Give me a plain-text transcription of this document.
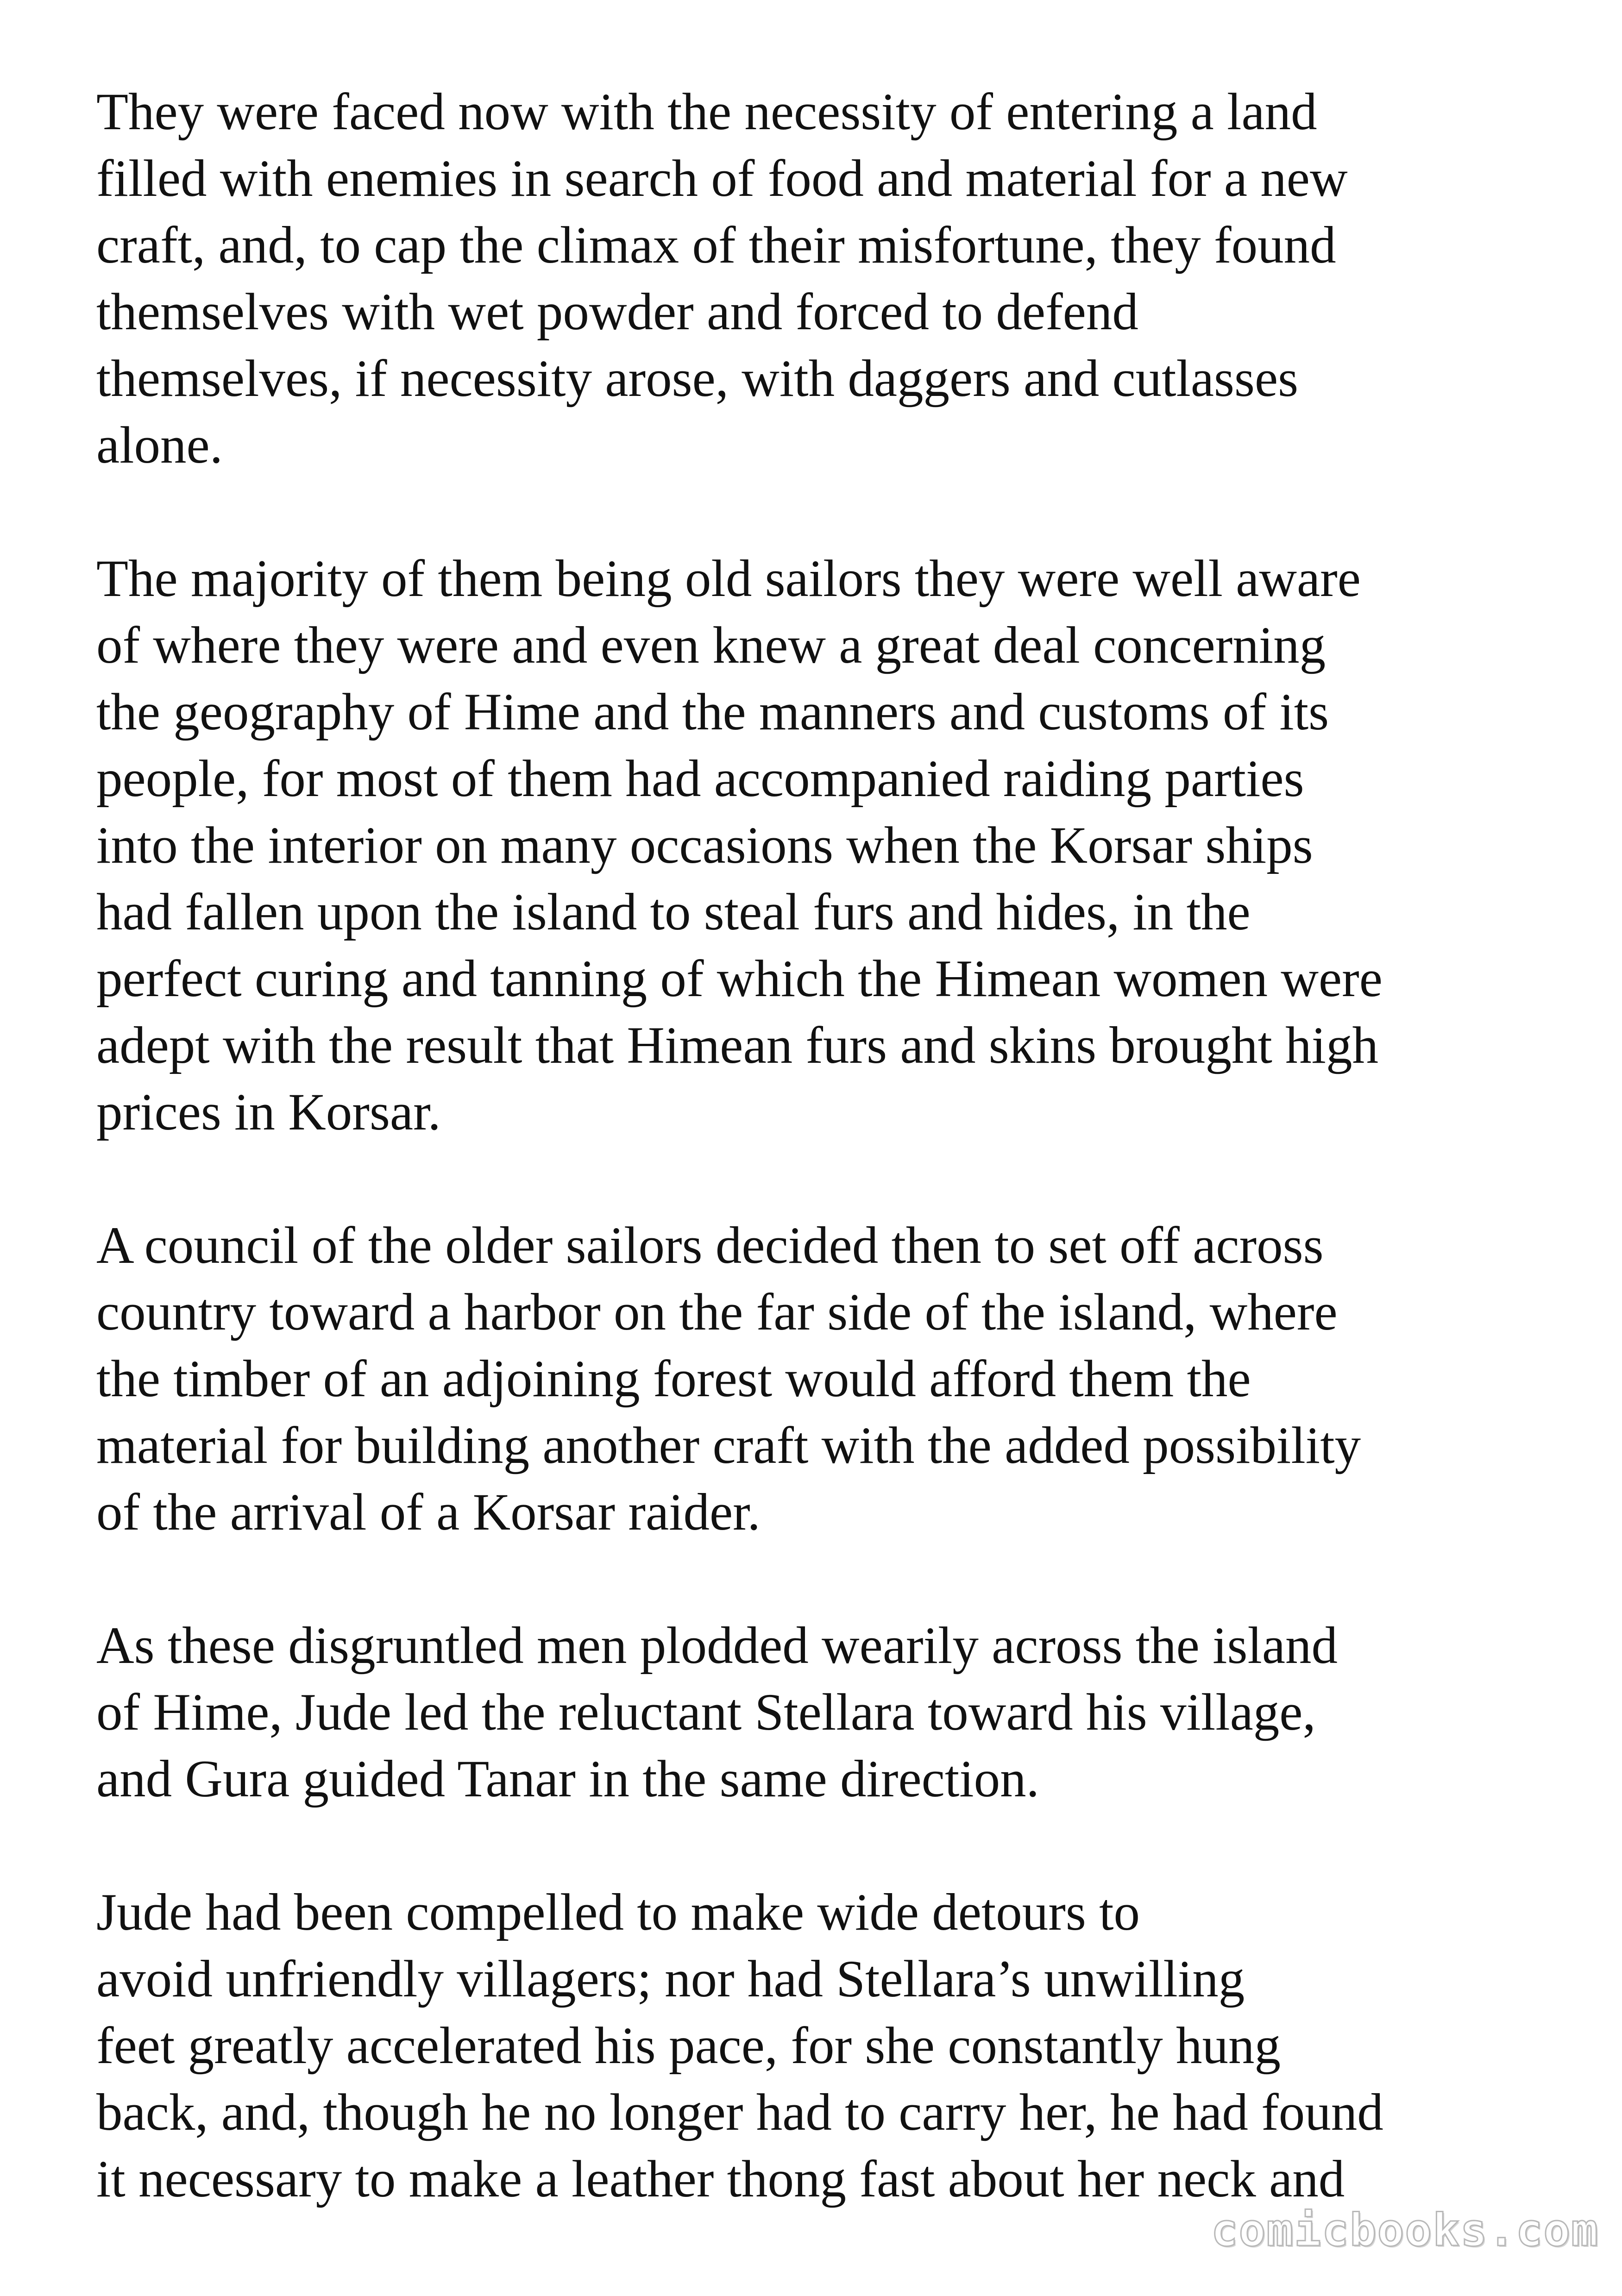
They were faced now with the necessity of entering a land
filled with enemies in search of food and material for a new
craft, and, to cap the climax of their misfortune, they found
themselves with wet powder and forced to defend
themselves, if necessity arose, with daggers and cutlasses
alone.

The majority of them being old sailors they were well aware
of where they were and even knew a great deal concerning
the geography of Hime and the manners and customs of its
people, for most of them had accompanied raiding parties
into the interior on many occasions when the Korsar ships
had fallen upon the island to steal furs and hides, in the
perfect curing and tanning of which the Himean women were
adept with the result that Himean furs and skins brought high
prices in Korsar.

A council of the older sailors decided then to set off across
country toward a harbor on the far side of the island, where
the timber of an adjoining forest would afford them the
material for building another craft with the added possibility
of the arrival of a Korsar raider.

As these disgruntled men plodded wearily across the island
of Hime, Jude led the reluctant Stellara toward his village,
and Gura guided Tanar in the same direction.

Jude had been compelled to make wide detours to
avoid unfriendly villagers; nor had Stellara’s unwilling
feet greatly accelerated his pace, for she constantly hung
back, and, though he no longer had to carry her, he had found
it necessary to make a leather thong fast about her neck and

comicbooks.com
